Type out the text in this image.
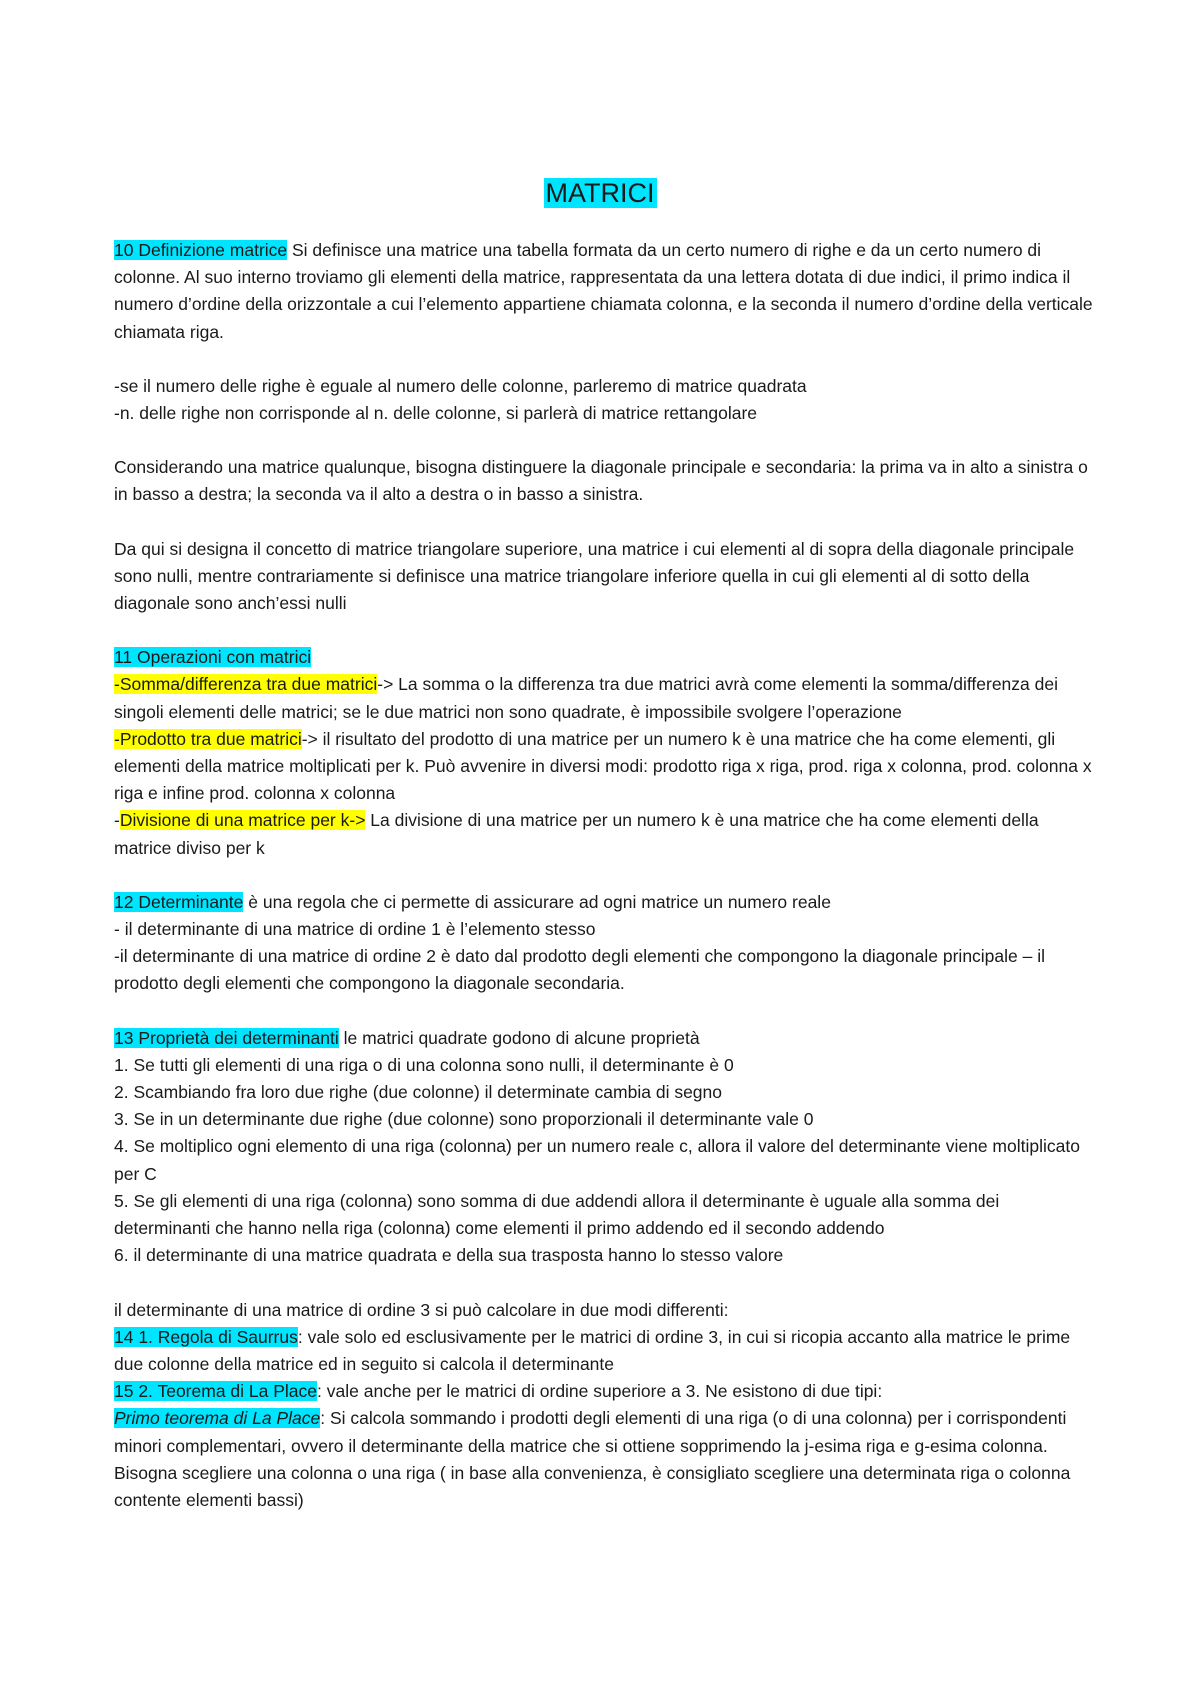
MATRICI

10 Definizione matrice Si definisce una matrice una tabella formata da un certo numero di righe e da un certo numero di colonne. Al suo interno troviamo gli elementi della matrice, rappresentata da una lettera dotata di due indici, il primo indica il numero d’ordine della orizzontale a cui l’elemento appartiene chiamata colonna, e la seconda il numero d’ordine della verticale chiamata riga.

-se il numero delle righe è eguale al numero delle colonne, parleremo di matrice quadrata

-n. delle righe non corrisponde al n. delle colonne, si parlerà di matrice rettangolare

Considerando una matrice qualunque, bisogna distinguere la diagonale principale e secondaria: la prima va in alto a sinistra o in basso a destra; la seconda va il alto a destra o in basso a sinistra.

Da qui si designa il concetto di matrice triangolare superiore, una matrice i cui elementi al di sopra della diagonale principale sono nulli, mentre contrariamente si definisce una matrice triangolare inferiore quella in cui gli elementi al di sotto della diagonale sono anch’essi nulli

11 Operazioni con matrici

-Somma/differenza tra due matrici-> La somma o la differenza tra due matrici avrà come elementi la somma/differenza dei singoli elementi delle matrici; se le due matrici non sono quadrate, è impossibile svolgere l’operazione

-Prodotto tra due matrici-> il risultato del prodotto di una matrice per un numero k è una matrice che ha come elementi, gli elementi della matrice moltiplicati per k. Può avvenire in diversi modi: prodotto riga x riga, prod. riga x colonna, prod. colonna x riga e infine prod. colonna x colonna

-Divisione di una matrice per k-> La divisione di una matrice per un numero k è una matrice che ha come elementi della matrice diviso per k

12 Determinante è una regola che ci permette di assicurare ad ogni matrice un numero reale

- il determinante di una matrice di ordine 1 è l’elemento stesso

-il determinante di una matrice di ordine 2 è dato dal prodotto degli elementi che compongono la diagonale principale – il prodotto degli elementi che compongono la diagonale secondaria.

13 Proprietà dei determinanti le matrici quadrate godono di alcune proprietà

1. Se tutti gli elementi di una riga o di una colonna sono nulli, il determinante è 0

2. Scambiando fra loro due righe (due colonne) il determinate cambia di segno

3. Se in un determinante due righe (due colonne) sono proporzionali il determinante vale 0

4. Se moltiplico ogni elemento di una riga (colonna) per un numero reale c, allora il valore del determinante viene moltiplicato per C

5. Se gli elementi di una riga (colonna) sono somma di due addendi allora il determinante è uguale alla somma dei determinanti che hanno nella riga (colonna) come elementi il primo addendo ed il secondo addendo

6. il determinante di una matrice quadrata e della sua trasposta hanno lo stesso valore

il determinante di una matrice di ordine 3 si può calcolare in due modi differenti:

14 1. Regola di Saurrus: vale solo ed esclusivamente per le matrici di ordine 3, in cui si ricopia accanto alla matrice le prime due colonne della matrice ed in seguito si calcola il determinante

15 2. Teorema di La Place: vale anche per le matrici di ordine superiore a 3. Ne esistono di due tipi:

Primo teorema di La Place: Si calcola sommando i prodotti degli elementi di una riga (o di una colonna) per i corrispondenti minori complementari, ovvero il determinante della matrice che si ottiene sopprimendo la j-esima riga e g-esima colonna. Bisogna scegliere una colonna o una riga ( in base alla convenienza, è consigliato scegliere una determinata riga o colonna contente elementi bassi)
